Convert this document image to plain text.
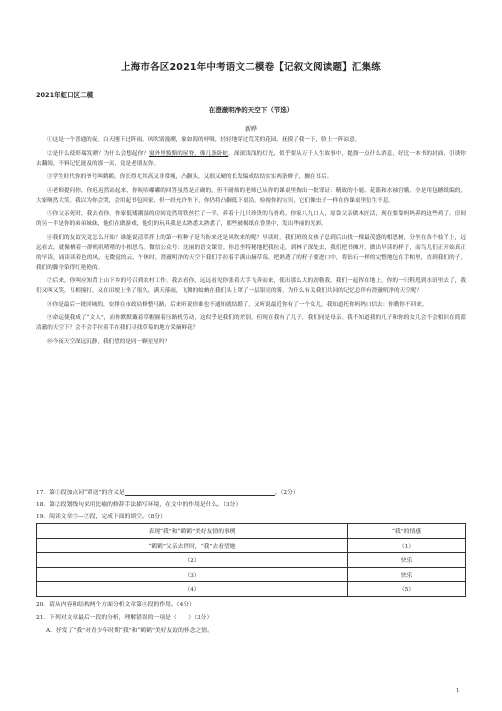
上海市各区2021年中考语文二模卷【记叙文阅读题】汇集练
2021年虹口区二模
在澄澈明净的天空下（节选）
新晔

①这是一个普通的夜。白天刚下过阵雨，风吹别漫溯，象如海的呼吸，轻轻地穿过荒芜的花园，抚摸了我一下，脸上一阵凉意。

②是什么使彰瑞发溯？为什么会想起你？窗外里黯黯的屋脊，像几条卧蛇。深深浅浅的灯光，似乎要从万千人生故事中，提溜一点什么消息，好比一本书的封面，引诱你去翻阅。不料记忆能及的那一页，竟是老朋友你。

③学生时代你的爷号叫鹤鹤。你长得尤其高又非常瘦，凸颧头，又细又硬的长发编成结结实实两条辫子，搁在耳后。

④老师提问你，你迟迟然站起来，你吭咕嘟嘟的回答虽然是正确的，但不耐烦的老师已从你的课桌里掏出一批罪证：精致的小鹿、花篮和水袖宫娥，全是用包糖纸编的，大家咂然大笑。我以为你会哭，会用起书包回家，但一经允许坐下，你仍将凸颧低下桌沿，检视你的宝贝，它们像虫子一样在你课桌里衍生不息。

⑤你父亲死时，我去看你。你家低矮潮湿的房间竟然用铁丝拦了一半，养着十几只珍贵的乌骨鸡。你家八九口人，原靠父亲做木匠活，现在要靠妈妈养的这些鸡了。房间的另一半是你的弟弟妹妹，他们在做游戏，他们的玩具我是太熟悉太熟悉了，那些被揭纸在昏黑中，发出华丽的光彩。

⑥我们的友谊究竟怎么开始？谁能说清萃拌上的第一粒种子是当衔来还是风吹来的呢？早读时，我们班的女孩子总到后山找一棵最茂盛的相思树，分坐在各个枝丫上，远远看去，就像栖着一群机叽喳喳的小相思鸟。微信公众号：沈丽的语文课堂。你总坐特秘地把我拉走，到林子深处去，我们把书摊开，做出早读的样子，而鸟儿们正开始真正的早读，诵读读着色的风，无微觉的云，午休时，澄澈明净的天空下我们手拉着手满山摘草莓，把熟透了的籽子要进口中，将钻石一样的完整地包在手帕里，直到我们的子，我们的脚全染得红艳艳的。

⑦后来，你叫应知背上山下乡的号召到农村工作。我去看你，远远看见你张着大手飞奔而来，使出那么大的劲勒我，我们一起挥在地上，你的一只鞋甩到水田里去了，我们又叫又笑，互相撞打，又在田埂上坐了很久，满天落雨，飞舞的蚊蚋在我们头上罩了一层银亮的雾。为什么有关我们共同的记忆总伴有澄澈明净的天空呢？

⑧你是最后一批回城的，安排在市政局修整马路，后来听说你谁也不通知就结婚了，又听说最近你有了一个女儿，我知道托你妈妈口信去：你勤你不回来。

⑨命运使我成了“文人”，而你默默戴着草帽握着压路机劳动，这似乎是我们的差别。但现在我有了儿子，我们同是母亲。我不知道我的儿子和你的女儿会不会相识在简蓝清澈的天空下？会不会手拉着手在我们寻找草莓的地方采摘鲜花？

⑩今夜天空深远沉静，我们望的是同一颗星星吗？

17．第①段加点词“罩送”的含义是	。（2分）
18．第②段划线句采用比喻的修辞手法描写环境，在文中的作用是什么。（3分）
19．阅读文章⑤—⑦段，完成下面的填空。（8分）
表现“我”和“鹤鹤”美好友情的事例	“我”的情感
“鹤鹤”父亲去世时，“我”去看望她	（1）
（2）	快乐
（3）	快乐
（4）	（5）
20．请从内容和结构两个方面分析文章第④段的作用。（4分）
21．下列对文章最后一段的分析，理解错误的一项是（　　）（3分）
A．抒发了“我”对青少年时期“我”和“鹤鹤”美好友谊的怀念之情。
1
